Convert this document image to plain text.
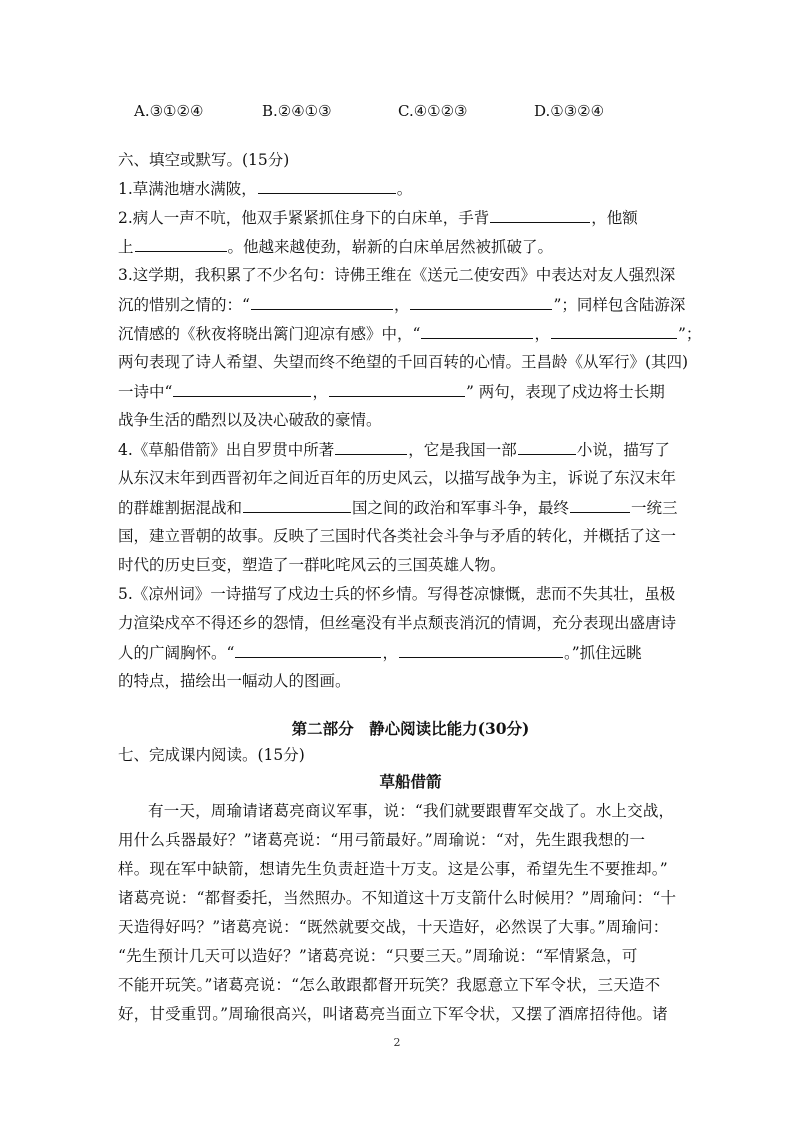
A.③①②④	B.②④①③	C.④①②③	D.①③②④
六、填空或默写。(15分)
1.草满池塘水满陂，	。
2.病人一声不吭，他双手紧紧抓住身下的白床单，手背	，他额
上	。他越来越使劲，崭新的白床单居然被抓破了。
3.这学期，我积累了不少名句：诗佛王维在《送元二使安西》中表达对友人强烈深
沉的惜别之情的：“	，	”；同样包含陆游深
沉情感的《秋夜将晓出篱门迎凉有感》中，“	，	”；
两句表现了诗人希望、失望而终不绝望的千回百转的心情。王昌龄《从军行》(其四)
一诗中“	，	” 两句，表现了戍边将士长期
战争生活的酷烈以及决心破敌的豪情。
4.《草船借箭》出自罗贯中所著	，它是我国一部	小说，描写了
从东汉末年到西晋初年之间近百年的历史风云，以描写战争为主，诉说了东汉末年
的群雄割据混战和	国之间的政治和军事斗争，最终	一统三
国，建立晋朝的故事。反映了三国时代各类社会斗争与矛盾的转化，并概括了这一
时代的历史巨变，塑造了一群叱咤风云的三国英雄人物。
5.《凉州词》一诗描写了戍边士兵的怀乡情。写得苍凉慷慨，悲而不失其壮，虽极
力渲染戍卒不得还乡的怨情，但丝毫没有半点颓丧消沉的情调，充分表现出盛唐诗
人的广阔胸怀。“	，	。”抓住远眺
的特点，描绘出一幅动人的图画。
第二部分　静心阅读比能力(30分)
七、完成课内阅读。(15分)
草船借箭
有一天，周瑜请诸葛亮商议军事，说：“我们就要跟曹军交战了。水上交战，
用什么兵器最好？”诸葛亮说：“用弓箭最好。”周瑜说：“对，先生跟我想的一
样。现在军中缺箭，想请先生负责赶造十万支。这是公事，希望先生不要推却。”
诸葛亮说：“都督委托，当然照办。不知道这十万支箭什么时候用？”周瑜问：“十
天造得好吗？”诸葛亮说：“既然就要交战，十天造好，必然误了大事。”周瑜问：
“先生预计几天可以造好？”诸葛亮说：“只要三天。”周瑜说：“军情紧急，可
不能开玩笑。”诸葛亮说：“怎么敢跟都督开玩笑？我愿意立下军令状，三天造不
好，甘受重罚。”周瑜很高兴，叫诸葛亮当面立下军令状，又摆了酒席招待他。诸
2
